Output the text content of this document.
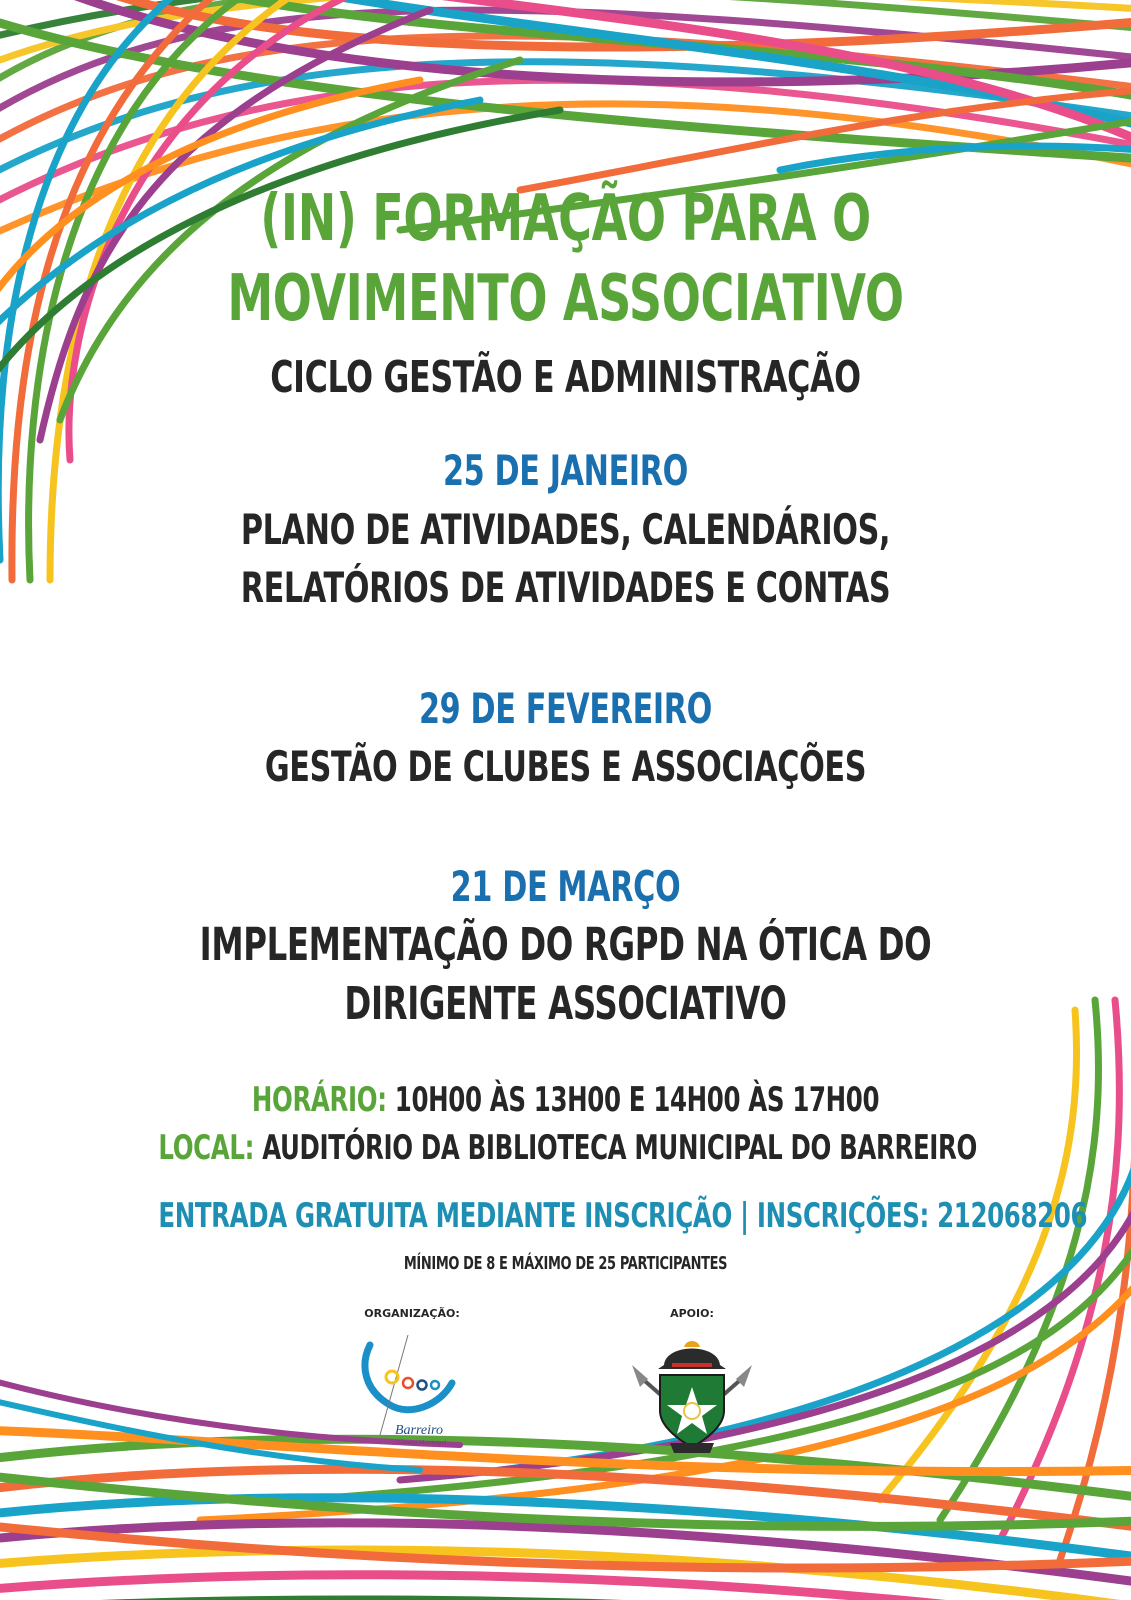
(IN) FORMAÇÃO PARA O
MOVIMENTO ASSOCIATIVO
CICLO GESTÃO E ADMINISTRAÇÃO
25 DE JANEIRO
PLANO DE ATIVIDADES, CALENDÁRIOS,
RELATÓRIOS DE ATIVIDADES E CONTAS
29 DE FEVEREIRO
GESTÃO DE CLUBES E ASSOCIAÇÕES
21 DE MARÇO
IMPLEMENTAÇÃO DO RGPD NA ÓTICA DO
DIRIGENTE ASSOCIATIVO
HORÁRIO: 10H00 ÀS 13H00 E 14H00 ÀS 17H00
LOCAL: AUDITÓRIO DA BIBLIOTECA MUNICIPAL DO BARREIRO
ENTRADA GRATUITA MEDIANTE INSCRIÇÃO | INSCRIÇÕES: 212068206
MÍNIMO DE 8 E MÁXIMO DE 25 PARTICIPANTES
ORGANIZAÇÃO:	APOIO:
Barreiro
Câmara Municipal
